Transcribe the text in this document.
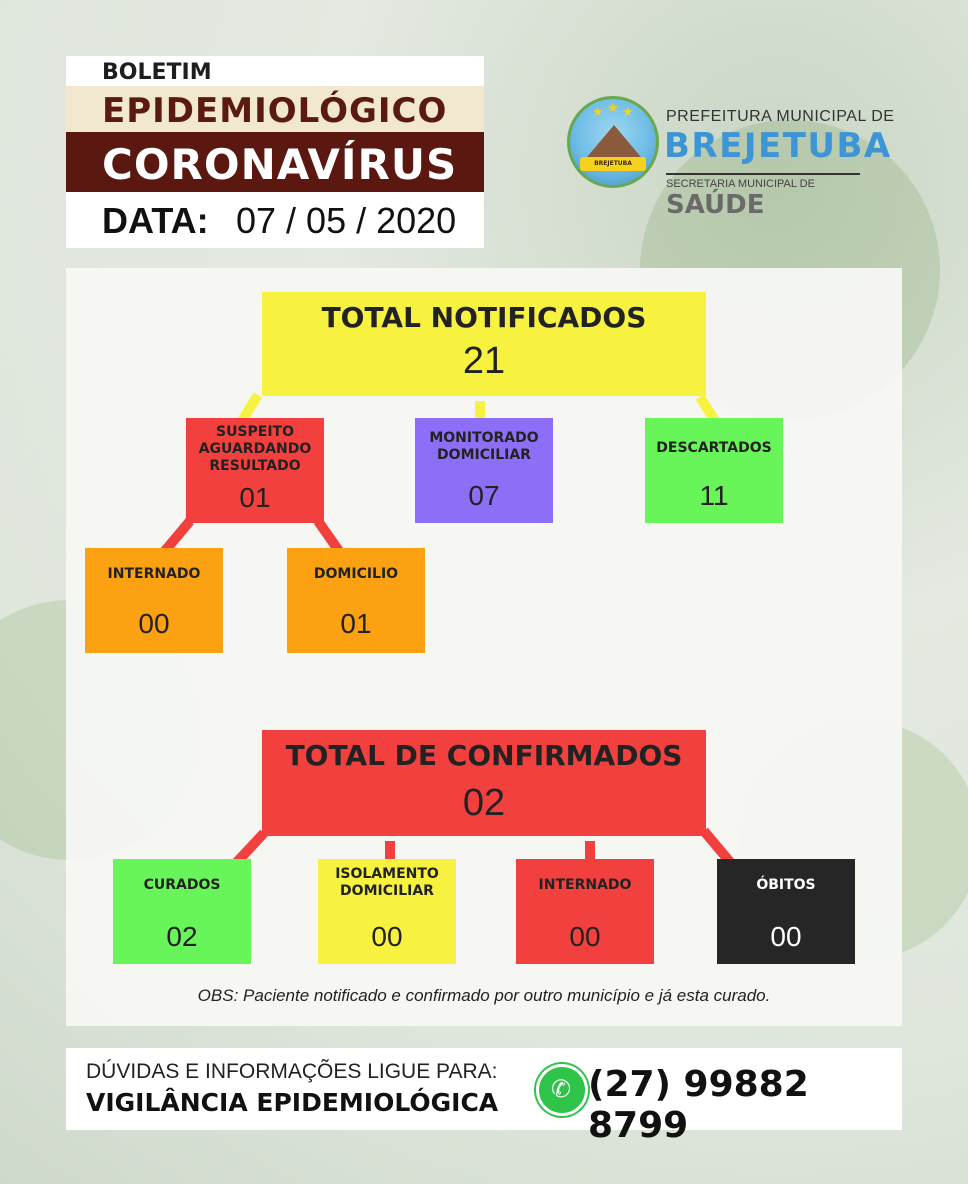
BOLETIM
EPIDEMIOLÓGICO
CORONAVÍRUS
DATA: 07 / 05 / 2020
★ ★ ★
BREJETUBA
PREFEITURA MUNICIPAL DE
BREJETUBA
SECRETARIA MUNICIPAL DE
SAÚDE
TOTAL NOTIFICADOS
21
SUSPEITO AGUARDANDO RESULTADO
01
MONITORADO DOMICILIAR
07
DESCARTADOS
11
INTERNADO
00
DOMICILIO
01
TOTAL DE CONFIRMADOS
02
CURADOS
02
ISOLAMENTO DOMICILIAR
00
INTERNADO
00
ÓBITOS
00
OBS: Paciente notificado e confirmado por outro município e já esta curado.
DÚVIDAS E INFORMAÇÕES LIGUE PARA:
VIGILÂNCIA EPIDEMIOLÓGICA ✆ (27) 99882 8799
